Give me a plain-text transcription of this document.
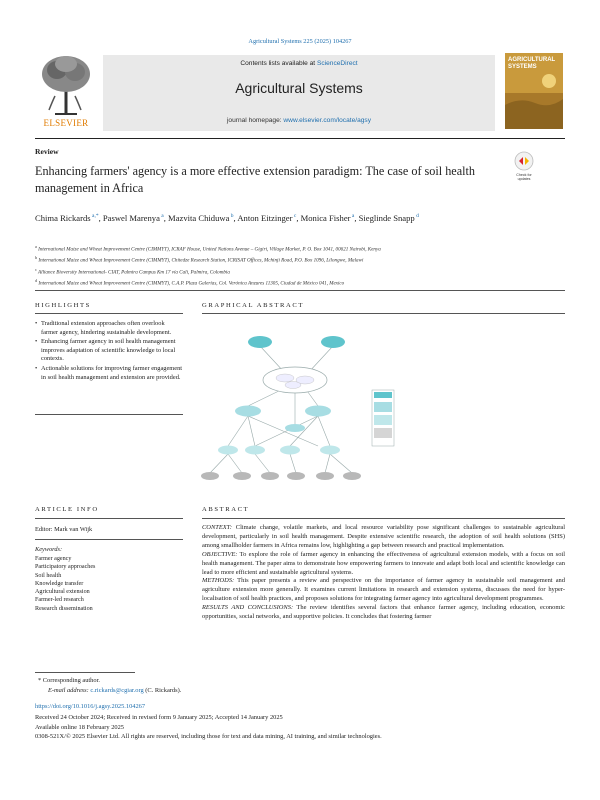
Agricultural Systems 225 (2025) 104267
ELSEVIER
Contents lists available at ScienceDirect
Agricultural Systems
journal homepage: www.elsevier.com/locate/agsy
AGRICULTURAL SYSTEMS
Review
Enhancing farmers' agency is a more effective extension paradigm: The case of soil health management in Africa
Check for updates
Chima Rickards $^{a,*}$, Paswel Marenya $^a$, Mazvita Chiduwa $^b$, Anton Eitzinger $^c$, Monica Fisher $^a$, Sieglinde Snapp $^d$
$^a$ International Maize and Wheat Improvement Centre (CIMMYT), ICRAF House, United Nations Avenue – Gigiri, Village Market, P. O. Box 1041, 00621 Nairobi, Kenya
$^b$ International Maize and Wheat Improvement Centre (CIMMYT), Chitedze Research Station, ICRISAT Offices, Mchinji Road, P.O. Box 1096, Lilongwe, Malawi
$^c$ Alliance Bioversity International- CIAT, Palmira Campus Km 17 vía Cali, Palmira, Colombia
$^d$ International Maize and Wheat Improvement Centre (CIMMYT), C.A.P. Plaza Galerías, Col. Verónica Anzures 11305, Ciudad de México 041, Mexico
HIGHLIGHTS	GRAPHICAL ABSTRACT
• Traditional extension approaches often overlook farmer agency, hindering sustainable development.
• Enhancing farmer agency in soil health management improves adaptation of scientific knowledge to local contexts.
• Actionable solutions for improving farmer engagement in soil health management and extension are provided.
ARTICLE INFO	ABSTRACT
Editor: Mark van Wijk
Keywords:
Farmer agency
Participatory approaches
Soil health
Knowledge transfer
Agricultural extension
Farmer-led research
Research dissemination

CONTEXT: Climate change, volatile markets, and local resource variability pose significant challenges to sustainable agricultural development, particularly in soil health management. Despite extensive scientific research, the adoption of soil health solutions (SHS) among smallholder farmers in Africa remains low, highlighting a gap between research and practical implementation.

OBJECTIVE: To explore the role of farmer agency in enhancing the effectiveness of agricultural extension models, with a focus on soil health management. The paper aims to demonstrate how empowering farmers to innovate and adapt both local and scientific knowledge can lead to more efficient and sustainable agricultural systems.

METHODS: This paper presents a review and perspective on the importance of farmer agency in sustainable soil management and agriculture extension more generally. It examines current limitations in research and extension systems, discusses the need for hyper-localisation of soil health practices, and proposes solutions for integrating farmer agency into agricultural development programmes.

RESULTS AND CONCLUSIONS: The review identifies several factors that enhance farmer agency, including education, economic opportunities, social networks, and supportive policies. It concludes that fostering farmer

* Corresponding author.
E-mail address: c.rickards@cgiar.org (C. Rickards).
https://doi.org/10.1016/j.agsy.2025.104267
Received 24 October 2024; Received in revised form 9 January 2025; Accepted 14 January 2025
Available online 18 February 2025
0308-521X/© 2025 Elsevier Ltd. All rights are reserved, including those for text and data mining, AI training, and similar technologies.
